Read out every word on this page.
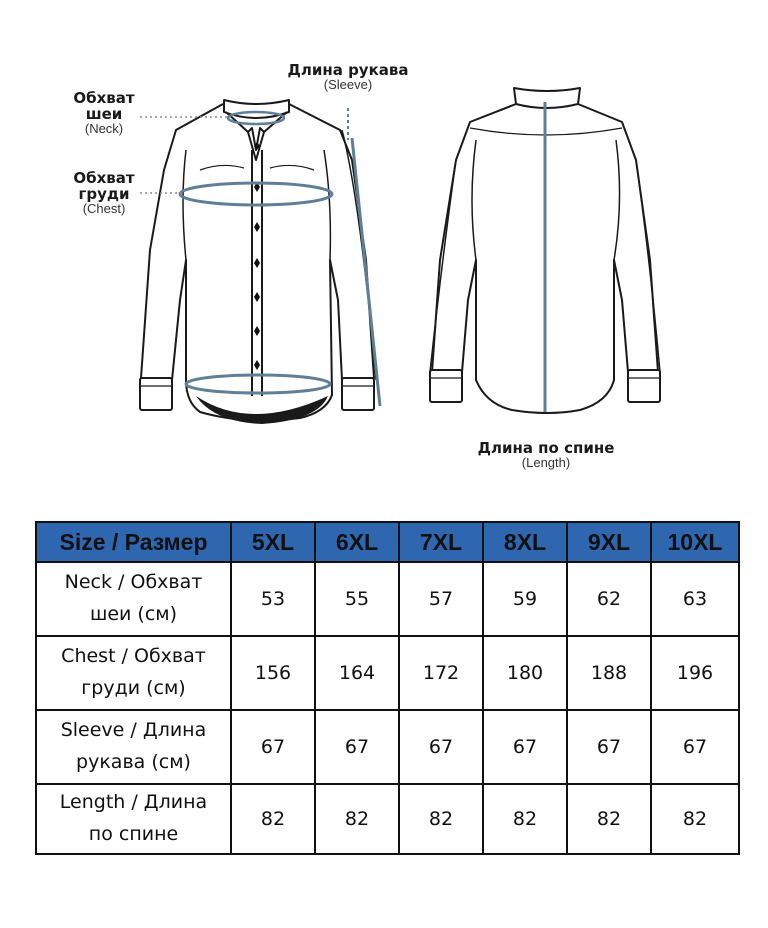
Длина рукава
(Sleeve)
Обхват
шеи
(Neck)
Обхват
груди
(Chest)
Длина по спине
(Length)
Size / Размер	5XL	6XL	7XL	8XL	9XL	10XL

Neck / Обхват
шеи (см)	53	55	57	59	62	63

Chest / Обхват
груди (см)	156	164	172	180	188	196

Sleeve / Длина
рукава (см)	67	67	67	67	67	67

Length / Длина
по спине	82	82	82	82	82	82
